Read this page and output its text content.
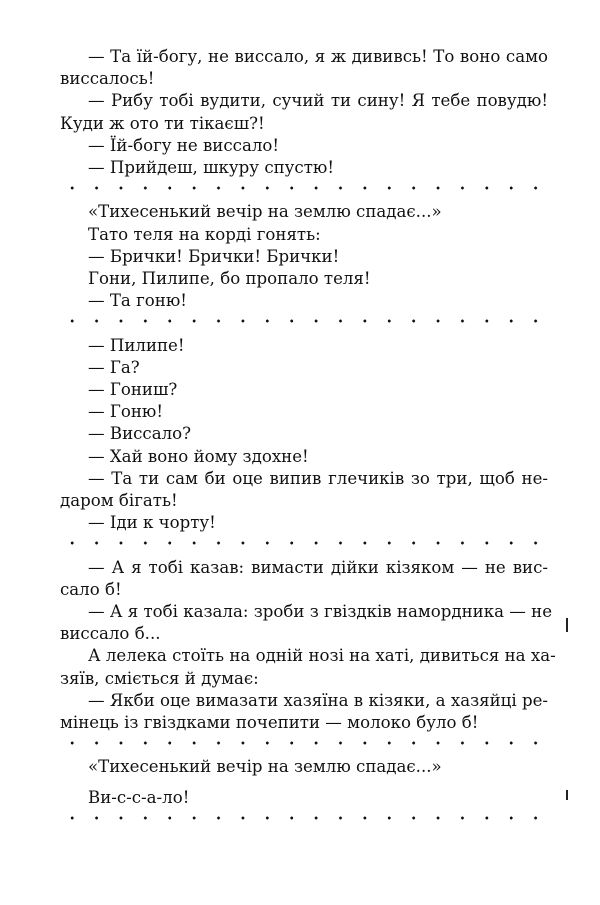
— Та їй-богу, не виссало, я ж дививсь! То воно само
виссалось!
— Рибу тобі вудити, сучий ти сину! Я тебе повудю!
Куди ж ото ти тікаєш?!
— Їй-богу не виссало!
— Прийдеш, шкуру спустю!
«Тихесенький вечір на землю спадає...»
Тато теля на корді гонять:
— Брички! Брички! Брички!
Гони, Пилипе, бо пропало теля!
— Та гоню!
— Пилипе!
— Га?
— Гониш?
— Гоню!
— Виссало?
— Хай воно йому здохне!
— Та ти сам би оце випив глечиків зо три, щоб не-
даром бігать!
— Іди к чорту!
— А я тобі казав: вимасти дійки кізяком — не вис-
сало б!
— А я тобі казала: зроби з гвіздків намордника — не
виссало б...
А лелека стоїть на одній нозі на хаті, дивиться на ха-
зяїв, сміється й думає:
— Якби оце вимазати хазяїна в кізяки, а хазяйці ре-
мінець із гвіздками почепити — молоко було б!
«Тихесенький вечір на землю спадає...»
Ви-с-с-а-ло!
